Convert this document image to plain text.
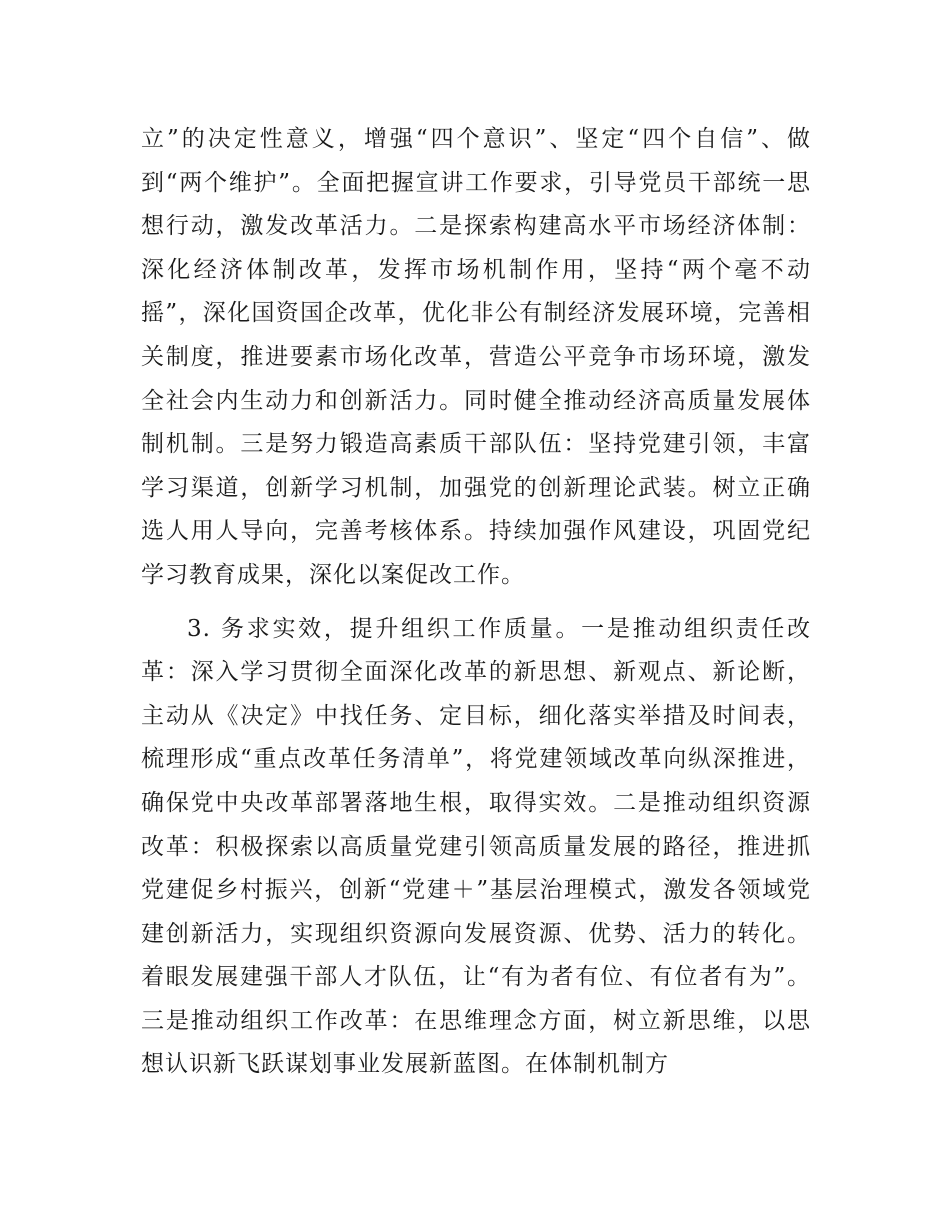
立”的决定性意义，增强“四个意识”、坚定“四个自信”、做到“两个维护”。全面把握宣讲工作要求，引导党员干部统一思想行动，激发改革活力。二是探索构建高水平市场经济体制：深化经济体制改革，发挥市场机制作用，坚持“两个毫不动摇”，深化国资国企改革，优化非公有制经济发展环境，完善相关制度，推进要素市场化改革，营造公平竞争市场环境，激发全社会内生动力和创新活力。同时健全推动经济高质量发展体制机制。三是努力锻造高素质干部队伍：坚持党建引领，丰富学习渠道，创新学习机制，加强党的创新理论武装。树立正确选人用人导向，完善考核体系。持续加强作风建设，巩固党纪学习教育成果，深化以案促改工作。

3. 务求实效，提升组织工作质量。一是推动组织责任改革：深入学习贯彻全面深化改革的新思想、新观点、新论断，主动从《决定》中找任务、定目标，细化落实举措及时间表，梳理形成“重点改革任务清单”，将党建领域改革向纵深推进，确保党中央改革部署落地生根，取得实效。二是推动组织资源改革：积极探索以高质量党建引领高质量发展的路径，推进抓党建促乡村振兴，创新“党建＋”基层治理模式，激发各领域党建创新活力，实现组织资源向发展资源、优势、活力的转化。着眼发展建强干部人才队伍，让“有为者有位、有位者有为”。三是推动组织工作改革：在思维理念方面，树立新思维，以思想认识新飞跃谋划事业发展新蓝图。在体制机制方
